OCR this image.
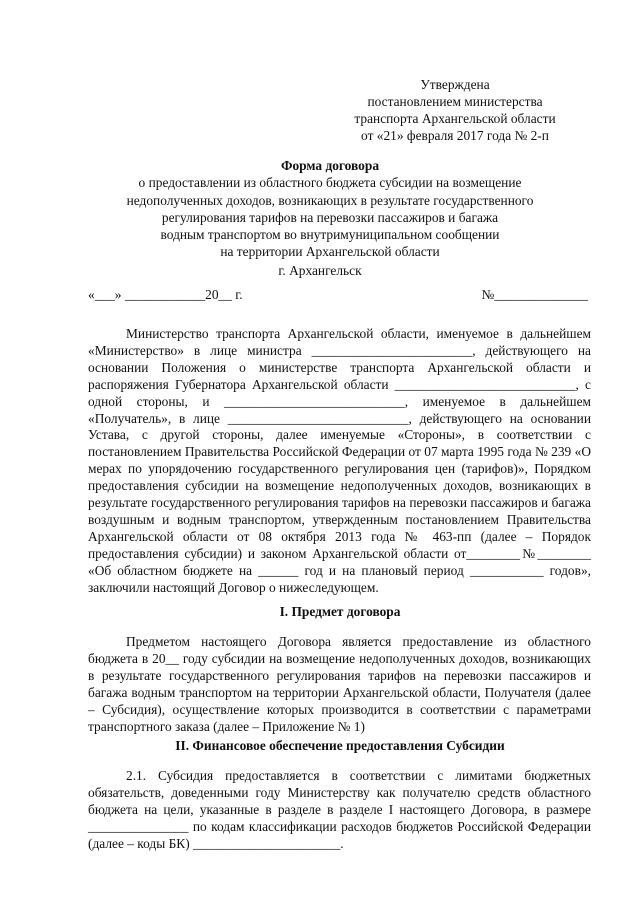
Утверждена
постановлением министерства
транспорта Архангельской области
от «21» февраля 2017 года № 2-п
Форма договора
о предоставлении из областного бюджета субсидии на возмещение
недополученных доходов, возникающих в результате государственного
регулирования тарифов на перевозки пассажиров и багажа
водным транспортом во внутримуниципальном сообщении
на территории Архангельской области
г. Архангельск
«___» ____________20__ г.	№______________

Министерство транспорта Архангельской области, именуемое в дальнейшем «Министерство» в лице министра ________________________, действующего на основании Положения о министерстве транспорта Архангельской области и распоряжения Губернатора Архангельской области ___________________________, с одной стороны, и ___________________________, именуемое в дальнейшем «Получатель», в лице ___________________________, действующего на основании Устава, с другой стороны, далее именуемые «Стороны», в соответствии с постановлением Правительства Российской Федерации от 07 марта 1995 года № 239 «О мерах по упорядочению государственного регулирования цен (тарифов)», Порядком предоставления субсидии на возмещение недополученных доходов, возникающих в результате государственного регулирования тарифов на перевозки пассажиров и багажа воздушным и водным транспортом, утвержденным постановлением Правительства Архангельской области от 08 октября 2013 года № 463-пп (далее – Порядок предоставления субсидии) и законом Архангельской области от________№________ «Об областном бюджете на ______ год и на плановый период ___________ годов», заключили настоящий Договор о нижеследующем.

I. Предмет договора

Предметом настоящего Договора является предоставление из областного бюджета в 20__ году субсидии на возмещение недополученных доходов, возникающих в результате государственного регулирования тарифов на перевозки пассажиров и багажа водным транспортом на территории Архангельской области, Получателя (далее – Субсидия), осуществление которых производится в соответствии с параметрами транспортного заказа (далее – Приложение № 1)

II. Финансовое обеспечение предоставления Субсидии

2.1. Субсидия предоставляется в соответствии с лимитами бюджетных обязательств, доведенными году Министерству как получателю средств областного бюджета на цели, указанные в разделе в разделе I настоящего Договора, в размере _______________ по кодам классификации расходов бюджетов Российской Федерации (далее – коды БК) ______________________.
